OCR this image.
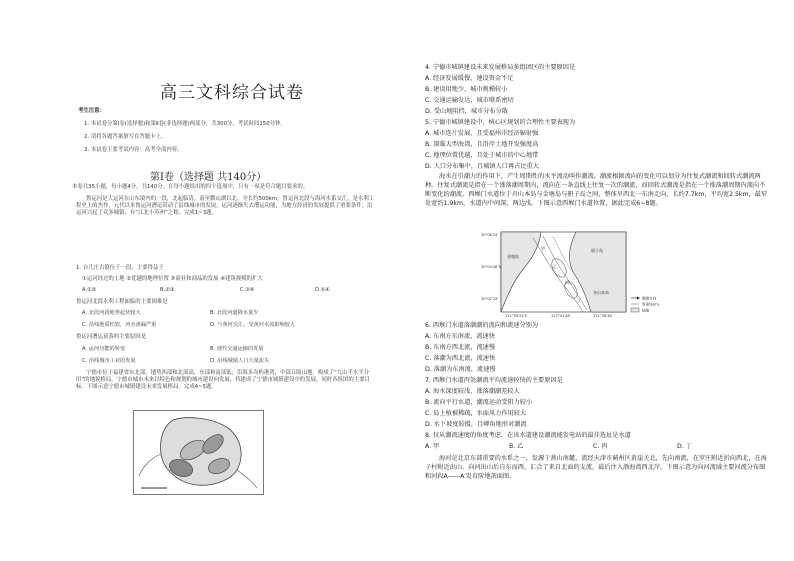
高三文科综合试卷
考生注意：
1. 本试卷分第Ⅰ卷(选择题)和第Ⅱ卷(非选择题)两部分，共300分，考试时间150分钟。
2. 请将各题答案填写在答题卡上。
3. 本试卷主要考试内容：高考全部内容。
第Ⅰ卷（选择题 共140分）
本卷共35小题，每小题4分，共140分。在每小题给出的四个选项中，只有一项是符合题目要求的。
鲁运河是大运河在山东境内的一段，北起临清，南至微山湖以北，全长约500km，鲁运河北段与海河水系交汇，是水利工程史上的杰作，元代以来鲁运河漕运带动了沿线城市的发展，运河逐渐失去漕运功能，为地方经济的发展提供了重要条件。沿运河兴起了众多城镇，有“江北小苏州”之称。完成1~3题。
1. 台儿庄古镇位于一段，主要得益于
①运河经过的土地 ②优越的地理位置 ③商业和商品的发展 ④建筑规模的扩大
A.①②	B.②③	C.③④	D.①④
鲁运河北段水利工程面临的主要困难是
A. 北段河段地势起伏较大	B. 北段河道降水量少
C. 沿线地质松软，河水渗漏严重	D. 与黄河交汇，受黄河水流影响较大
鲁运河漕运衰落的主要原因是
A. 运河功能的转变	B. 现代交通运输的发展
C. 沿线城市工业的发展	D. 沿线城镇人口大量流失
宁德市位于福建省东北部，地势西部和北部高，东部和南部低；沿海多岛屿港湾，中部丘陵山地，构成了“九山半水半分田”的地貌格局。宁德市城市未来以特色和规划的城市建设向发展，将建成了宁德市城镇建设中的发展，同时各组团的主要目标。下图示意宁德市城镇建设未来发展格局。完成4~5题。
4. 宁德市城镇建设未来发展格局多组团区的主要原因是
A. 经济发展缓慢，建设资金不足
B. 建设用地少，城市规模较小
C. 交通运输发达，城市联系密切
D. 受山地阻挡，城市分布分散
5. 宁德市城镇建设中，核心区规划的合理性主要表现为
A. 城市连片发展，且受福州市经济辐射强
B. 深临大型海湾，且沿岸土地开发强度高
C. 地理位置优越，且处于城市的中心地带
D. 人口分布集中，且城镇人口再占比重大
海水在引潮力的作用下，产生周期性的水平流动叫作潮流。潮流根据流向的变化可以划分为往复式潮流和回转式潮流两种。往复式潮流是指在一个涨落潮周期内，流向在一条直线上往复一次的潮流，而回转式潮流是指在一个涨落潮周期内流向不断变化的潮流。西堠门水道位于舟山本岛与金塘岛与册子岛之间，整体呈西北一东南走向，长约7.7km，平均宽2.5km，最窄处宽约1.9km，水道内中间深、两边浅。下图示意西堠门水道位置，据此完成6~8题。
30°08′24″
30°04′48″N
30°02′24″
121°56′24″E	122°01′48″	121°58′36″
册子岛
金塘岛
舟山本岛
甲
乙
丙
丁	潮流方向
等深线(m)
陆地
6. 西堠门水道落潮潮的流向和流速分别为
A. 东南方东南流，流速快
B. 东南方西北流，流速慢
C. 落潮为西北流，流速快
D. 落潮为东南流，流速慢
7. 西堠门水道丙处潮流平均流速较快的主要原因是
A. 海水深度较浅，涨落潮潮差较大
B. 流向平行水道，潮流运动受阻力较小
C. 岛上植被稀疏，水面风力作用较大
D. 水下坡度较缓，且岬角地形对潮流
8. 仅从潮流速度的角度考虑，在该水道建设潮流能发电站的最佳选址是水道
A. 甲	B. 乙	C. 丙	D. 丁
海河是北京东部重要的水系之一，发源于燕山南麓，流经天津市蓟州区黄崖关北，先向南流，在罗庄附近折向西北，在海子村附近出山。向河出山后自东而西，汇合了来自北面的支流，最后注入渤海湾西北岸。下图示意为向河流域主要河流分布图和河段A——A′发育阶地剖面图。
